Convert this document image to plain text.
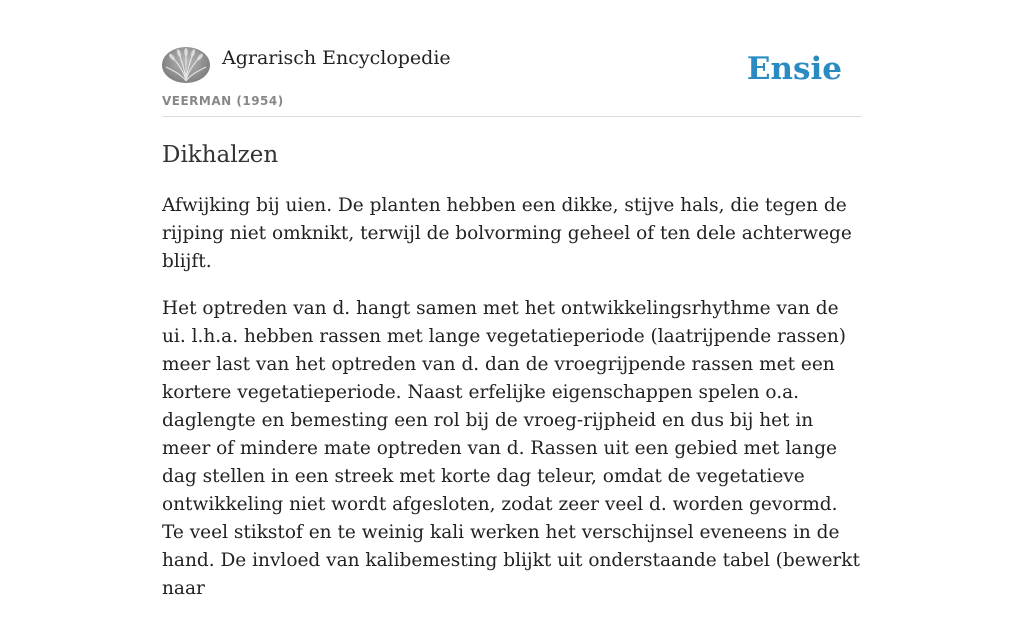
Agrarisch Encyclopedie
VEERMAN (1954)
Ensie
Dikhalzen

Afwijking bij uien. De planten hebben een dikke, stijve hals, die tegen de rijping niet omknikt, terwijl de bolvorming geheel of ten dele achterwege blijft.

Het optreden van d. hangt samen met het ontwikkelingsrhythme van de ui. l.h.a. hebben rassen met lange vegetatieperiode (laatrijpende rassen) meer last van het optreden van d. dan de vroegrijpende rassen met een kortere vegetatieperiode. Naast erfelijke eigenschappen spelen o.a. daglengte en bemesting een rol bij de vroeg-rijpheid en dus bij het in meer of mindere mate optreden van d. Rassen uit een gebied met lange dag stellen in een streek met korte dag teleur, omdat de vegetatieve ontwikkeling niet wordt afgesloten, zodat zeer veel d. worden gevormd. Te veel stikstof en te weinig kali werken het verschijnsel eveneens in de hand. De invloed van kalibemesting blijkt uit onderstaande tabel (bewerkt naar
